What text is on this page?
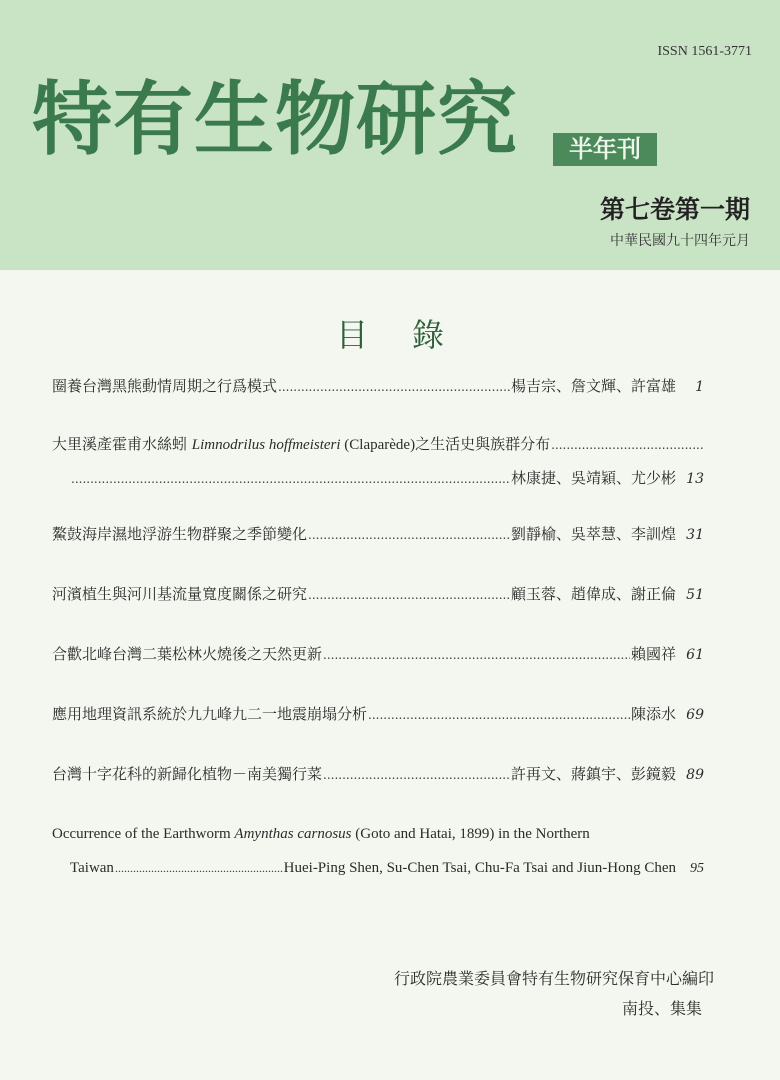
ISSN 1561-3771
特有生物研究	半年刊
第七卷第一期
中華民國九十四年元月
目錄
圈養台灣黑熊動情周期之行爲模式 .....	楊吉宗、詹文輝、許富雄	1
大里溪產霍甫水絲蚓 Limnodrilus hoffmeisteri (Claparède)之生活史與族群分布
.....
.....
林康捷、吳靖穎、尤少彬 13
鰲鼓海岸濕地浮游生物群聚之季節變化 .....	劉靜榆、吳萃慧、李訓煌 31
河濱植生與河川基流量寬度關係之研究 .....	顧玉蓉、趙偉成、謝正倫 51
合歡北峰台灣二葉松林火燒後之天然更新 .....	賴國祥 61
應用地理資訊系統於九九峰九二一地震崩塌分析 .....	陳添水 69
台灣十字花科的新歸化植物－南美獨行菜 .....	許再文、蔣鎮宇、彭鏡毅 89
Occurrence of the Earthworm Amynthas carnosus (Goto and Hatai, 1899) in the Northern
Taiwan .....	Huei-Ping Shen, Su-Chen Tsai, Chu-Fa Tsai and Jiun-Hong Chen	95
行政院農業委員會特有生物研究保育中心編印
南投、集集
